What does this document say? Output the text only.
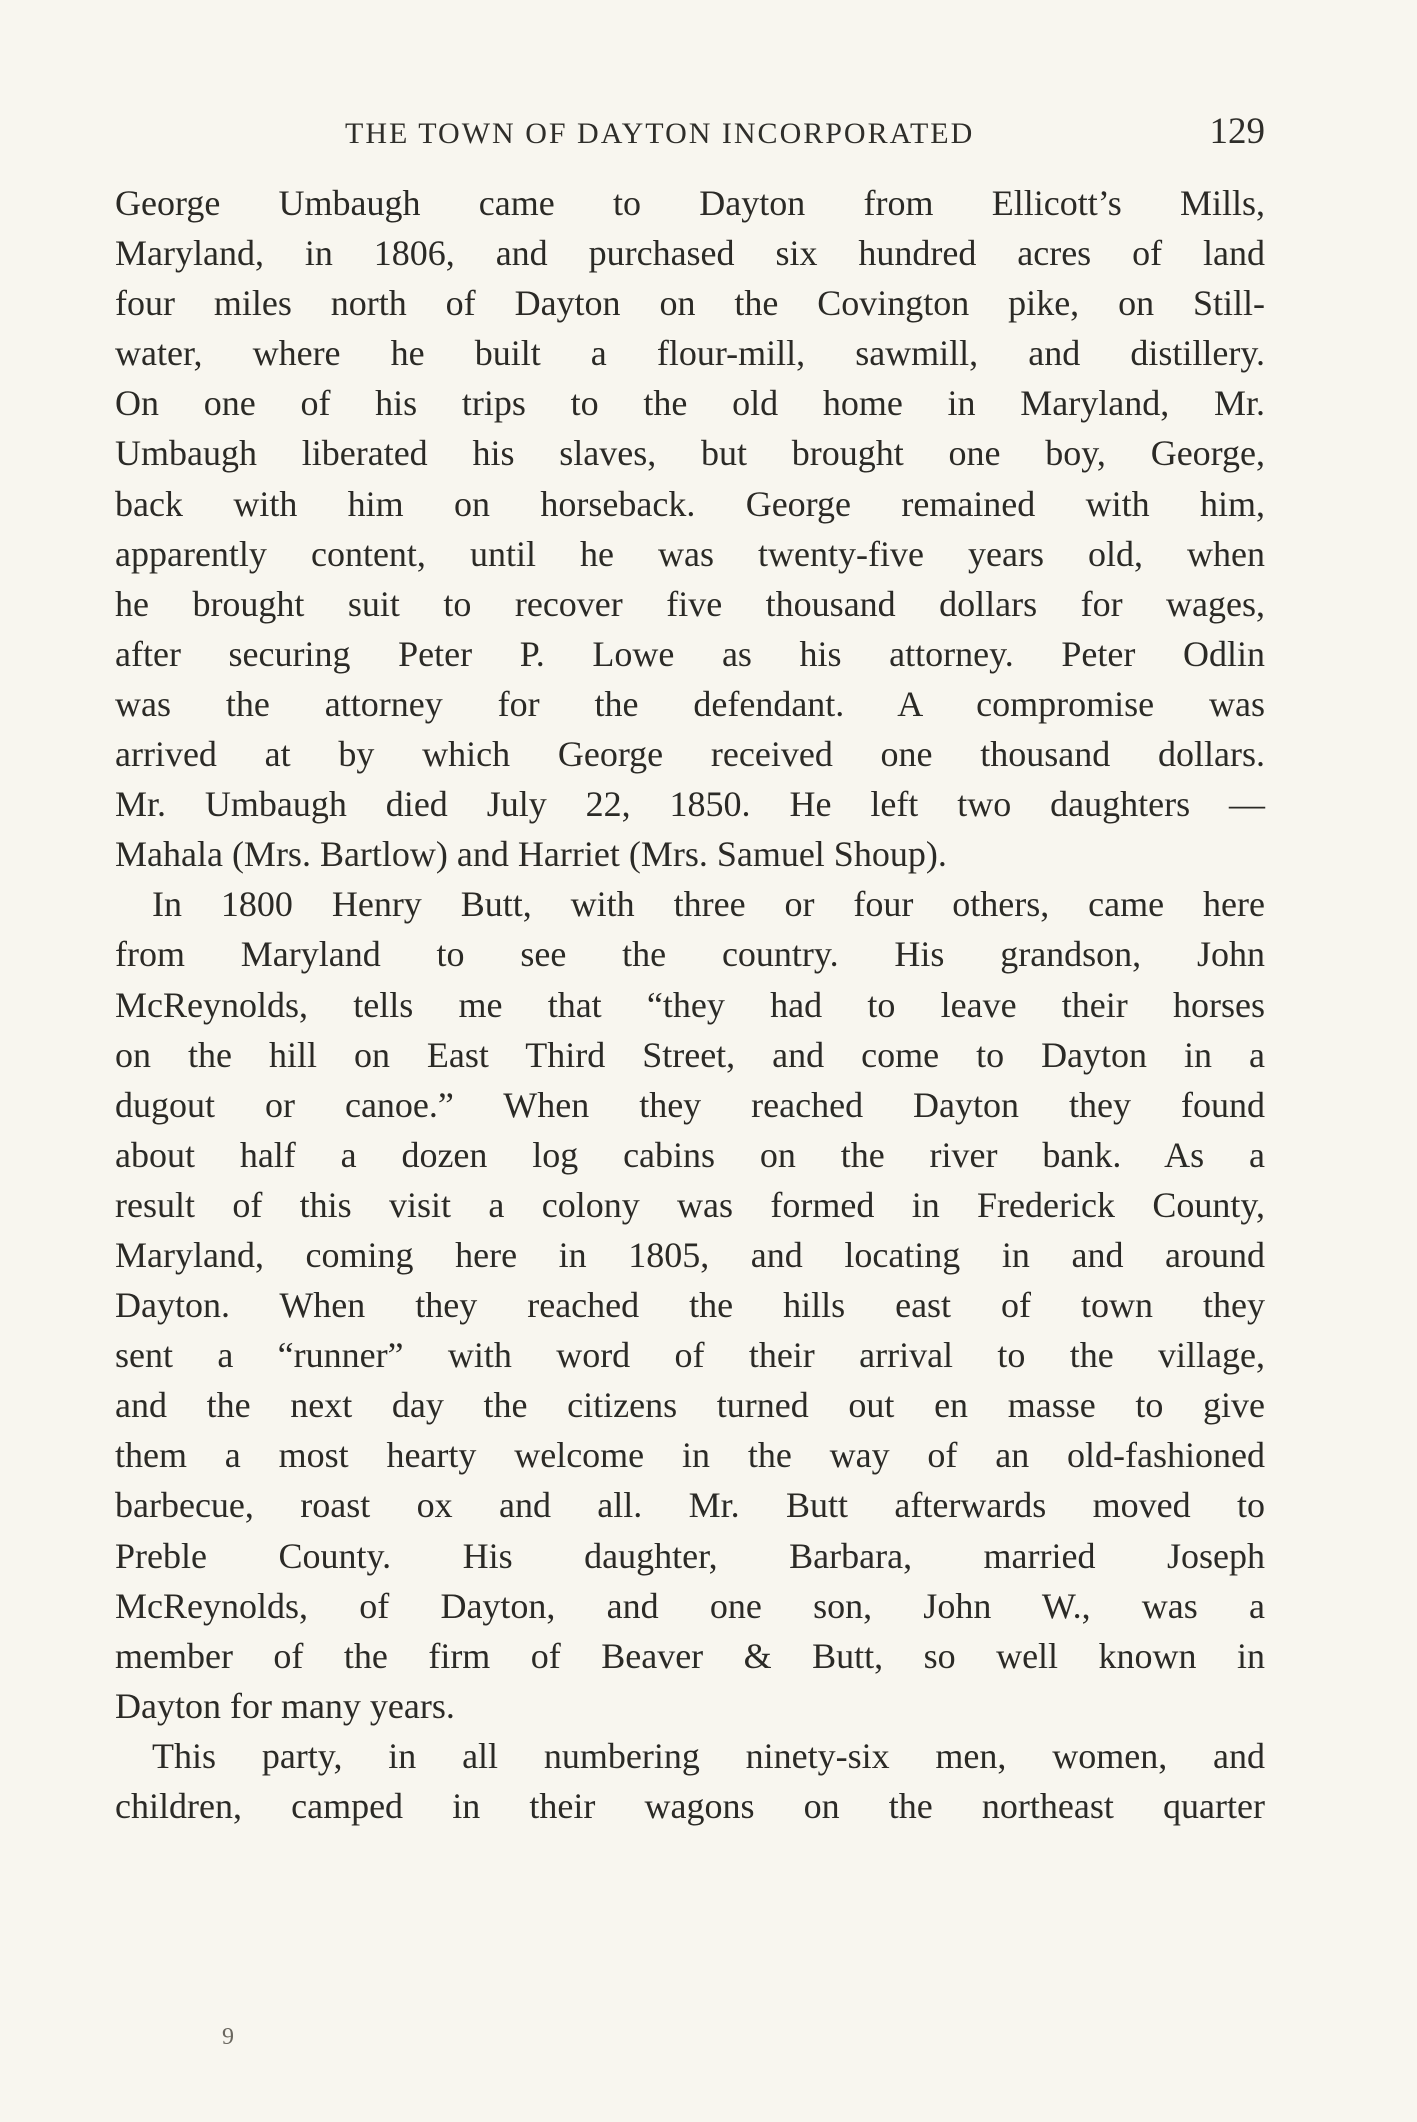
THE TOWN OF DAYTON INCORPORATED	129
George Umbaugh came to Dayton from Ellicott’s Mills,
Maryland, in 1806, and purchased six hundred acres of land
four miles north of Dayton on the Covington pike, on Still-
water, where he built a flour-mill, sawmill, and distillery.
On one of his trips to the old home in Maryland, Mr.
Umbaugh liberated his slaves, but brought one boy, George,
back with him on horseback. George remained with him,
apparently content, until he was twenty-five years old, when
he brought suit to recover five thousand dollars for wages,
after securing Peter P. Lowe as his attorney. Peter Odlin
was the attorney for the defendant. A compromise was
arrived at by which George received one thousand dollars.
Mr. Umbaugh died July 22, 1850. He left two daughters —
Mahala (Mrs. Bartlow) and Harriet (Mrs. Samuel Shoup).
In 1800 Henry Butt, with three or four others, came here
from Maryland to see the country. His grandson, John
McReynolds, tells me that “they had to leave their horses
on the hill on East Third Street, and come to Dayton in a
dugout or canoe.” When they reached Dayton they found
about half a dozen log cabins on the river bank. As a
result of this visit a colony was formed in Frederick County,
Maryland, coming here in 1805, and locating in and around
Dayton. When they reached the hills east of town they
sent a “runner” with word of their arrival to the village,
and the next day the citizens turned out en masse to give
them a most hearty welcome in the way of an old-fashioned
barbecue, roast ox and all. Mr. Butt afterwards moved to
Preble County. His daughter, Barbara, married Joseph
McReynolds, of Dayton, and one son, John W., was a
member of the firm of Beaver & Butt, so well known in
Dayton for many years.
This party, in all numbering ninety-six men, women, and
children, camped in their wagons on the northeast quarter
9
